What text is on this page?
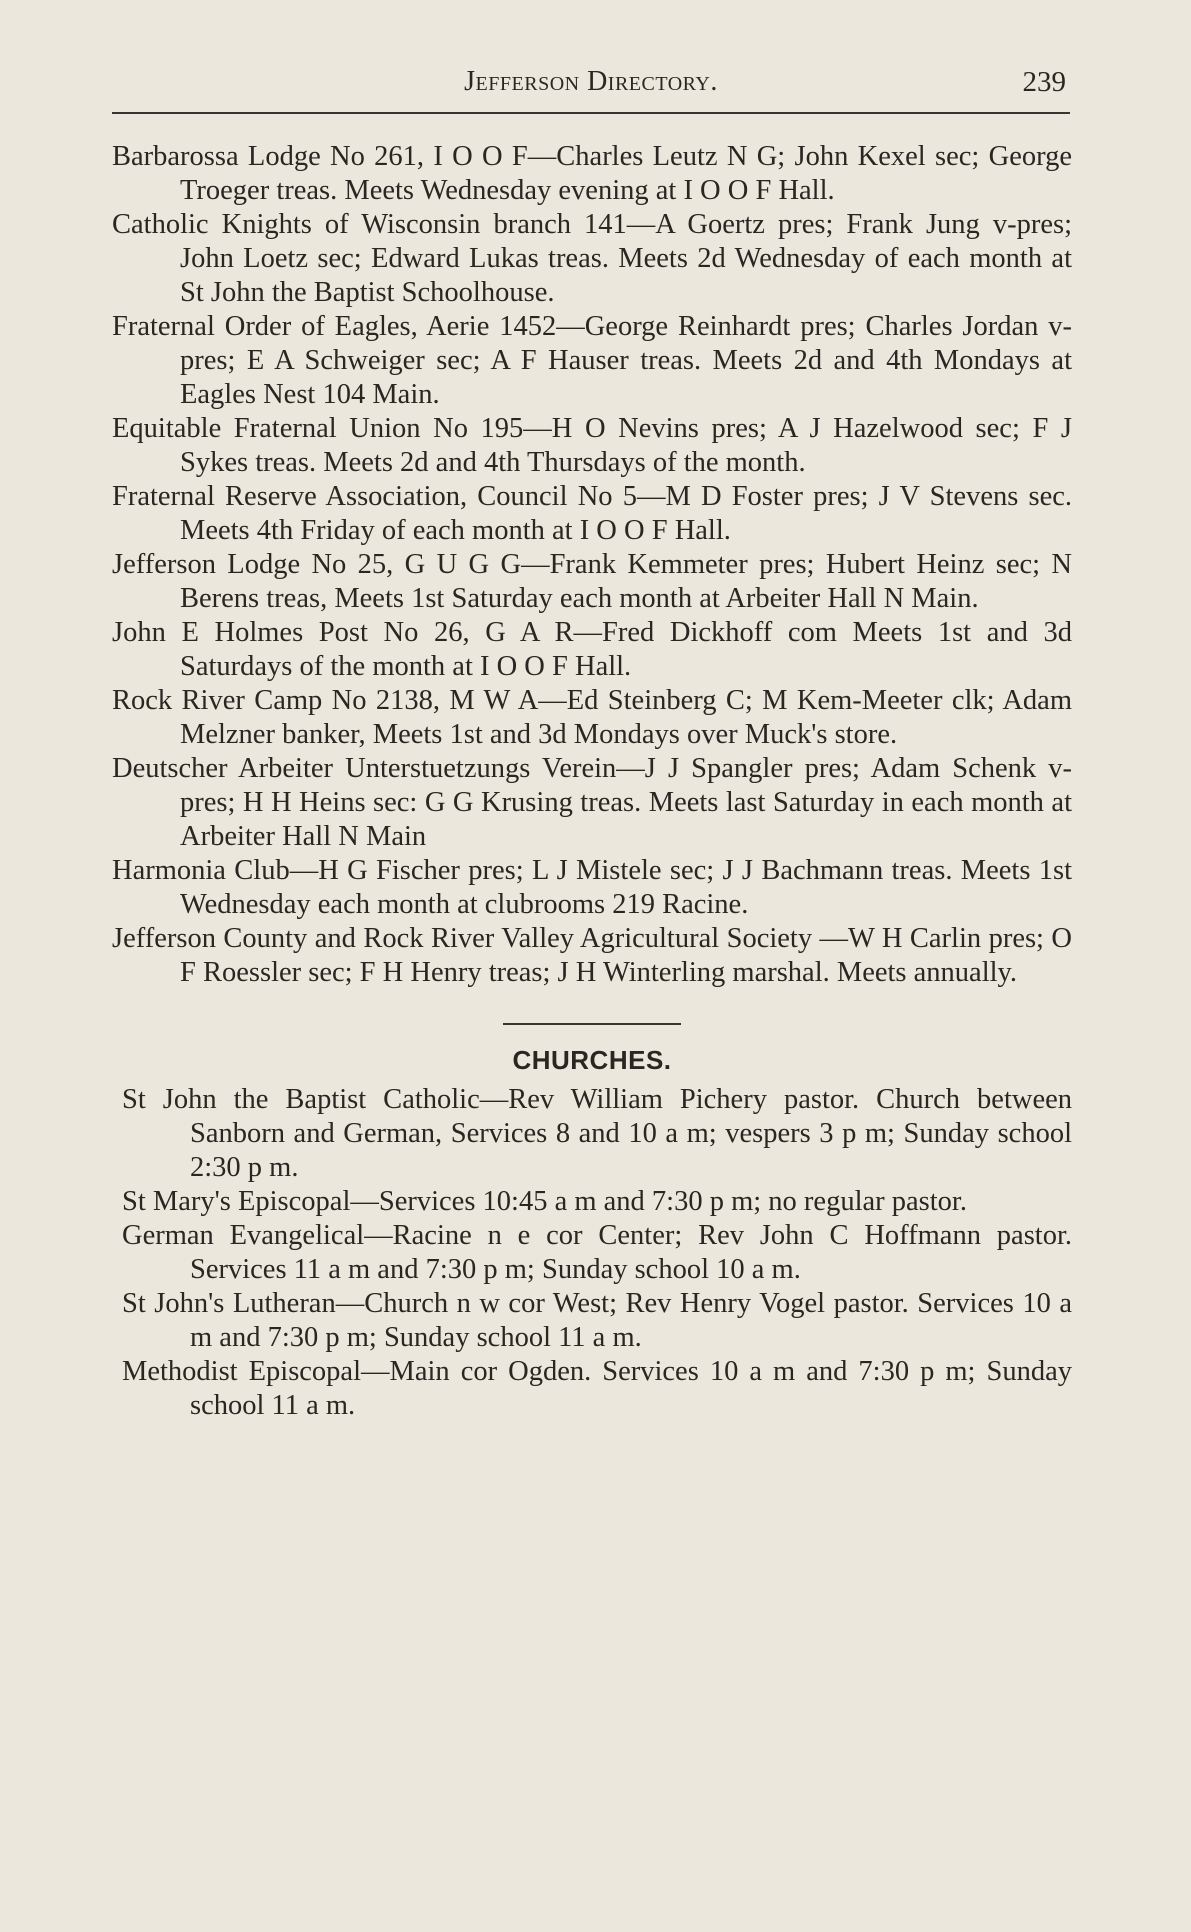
Jefferson Directory.	239

Barbarossa Lodge No 261, I O O F—Charles Leutz N G; John Kexel sec; George Troeger treas. Meets Wednesday evening at I O O F Hall.

Catholic Knights of Wisconsin branch 141—A Goertz pres; Frank Jung v-pres; John Loetz sec; Edward Lukas treas. Meets 2d Wednesday of each month at St John the Baptist Schoolhouse.

Fraternal Order of Eagles, Aerie 1452—George Reinhardt pres; Charles Jordan v-pres; E A Schweiger sec; A F Hauser treas. Meets 2d and 4th Mondays at Eagles Nest 104 Main.

Equitable Fraternal Union No 195—H O Nevins pres; A J Hazelwood sec; F J Sykes treas. Meets 2d and 4th Thursdays of the month.

Fraternal Reserve Association, Council No 5—M D Foster pres; J V Stevens sec. Meets 4th Friday of each month at I O O F Hall.

Jefferson Lodge No 25, G U G G—Frank Kemmeter pres; Hubert Heinz sec; N Berens treas, Meets 1st Saturday each month at Arbeiter Hall N Main.

John E Holmes Post No 26, G A R—Fred Dickhoff com Meets 1st and 3d Saturdays of the month at I O O F Hall.

Rock River Camp No 2138, M W A—Ed Steinberg C; M Kem-Meeter clk; Adam Melzner banker, Meets 1st and 3d Mondays over Muck's store.

Deutscher Arbeiter Unterstuetzungs Verein—J J Spangler pres; Adam Schenk v-pres; H H Heins sec: G G Krusing treas. Meets last Saturday in each month at Arbeiter Hall N Main

Harmonia Club—H G Fischer pres; L J Mistele sec; J J Bachmann treas. Meets 1st Wednesday each month at clubrooms 219 Racine.

Jefferson County and Rock River Valley Agricultural Society —W H Carlin pres; O F Roessler sec; F H Henry treas; J H Winterling marshal. Meets annually.

CHURCHES.

St John the Baptist Catholic—Rev William Pichery pastor. Church between Sanborn and German, Services 8 and 10 a m; vespers 3 p m; Sunday school 2:30 p m.

St Mary's Episcopal—Services 10:45 a m and 7:30 p m; no regular pastor.

German Evangelical—Racine n e cor Center; Rev John C Hoffmann pastor. Services 11 a m and 7:30 p m; Sunday school 10 a m.

St John's Lutheran—Church n w cor West; Rev Henry Vogel pastor. Services 10 a m and 7:30 p m; Sunday school 11 a m.

Methodist Episcopal—Main cor Ogden. Services 10 a m and 7:30 p m; Sunday school 11 a m.
